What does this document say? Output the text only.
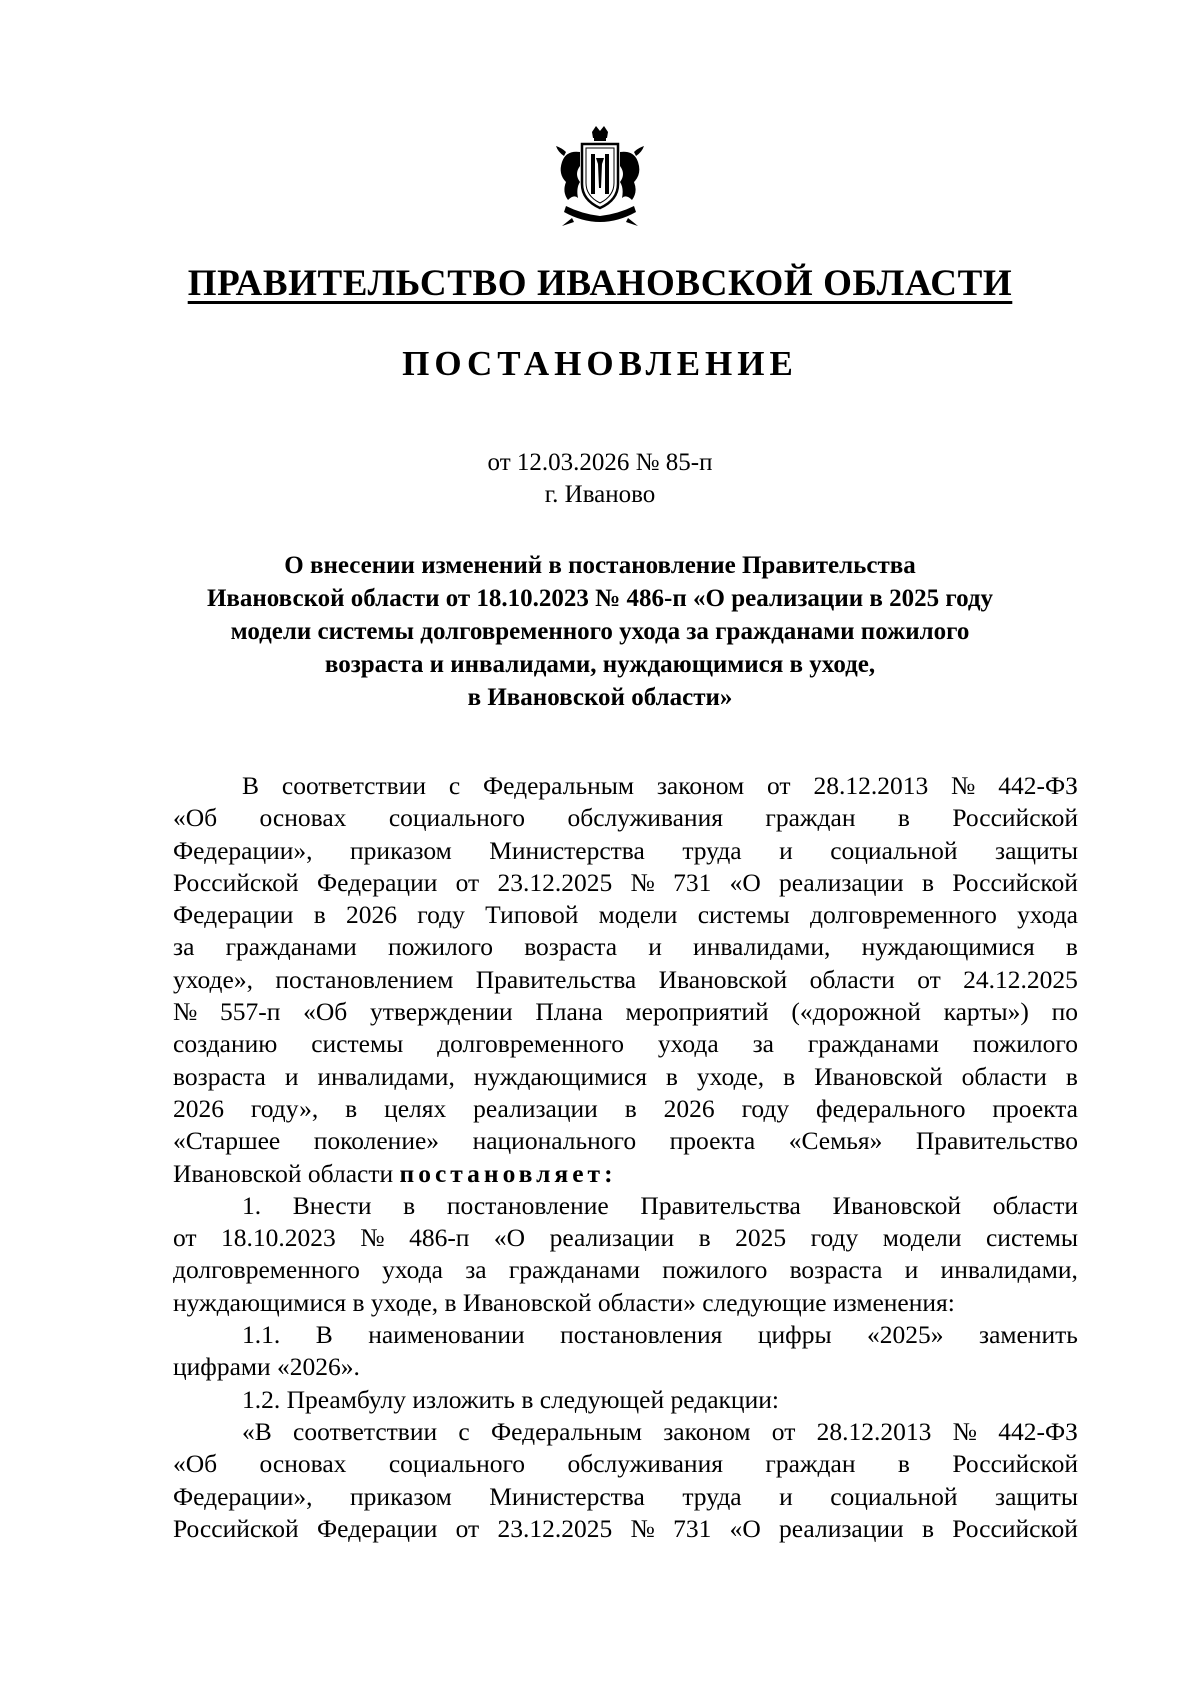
ПРАВИТЕЛЬСТВО ИВАНОВСКОЙ ОБЛАСТИ
ПОСТАНОВЛЕНИЕ
от 12.03.2026 № 85-п
г. Иваново
О внесении изменений в постановление Правительства
Ивановской области от 18.10.2023 № 486-п «О реализации в 2025 году
модели системы долговременного ухода за гражданами пожилого
возраста и инвалидами, нуждающимися в уходе,
в Ивановской области»
В соответствии с Федеральным законом от 28.12.2013 № 442-ФЗ
«Об основах социального обслуживания граждан в Российской
Федерации», приказом Министерства труда и социальной защиты
Российской Федерации от 23.12.2025 № 731 «О реализации в Российской
Федерации в 2026 году Типовой модели системы долговременного ухода
за гражданами пожилого возраста и инвалидами, нуждающимися в
уходе», постановлением Правительства Ивановской области от 24.12.2025
№ 557-п «Об утверждении Плана мероприятий («дорожной карты») по
созданию системы долговременного ухода за гражданами пожилого
возраста и инвалидами, нуждающимися в уходе, в Ивановской области в
2026 году», в целях реализации в 2026 году федерального проекта
«Старшее поколение» национального проекта «Семья» Правительство
Ивановской области постановляет:
1. Внести в постановление Правительства Ивановской области
от 18.10.2023 № 486-п «О реализации в 2025 году модели системы
долговременного ухода за гражданами пожилого возраста и инвалидами,
нуждающимися в уходе, в Ивановской области» следующие изменения:
1.1. В наименовании постановления цифры «2025» заменить
цифрами «2026».
1.2. Преамбулу изложить в следующей редакции:
«В соответствии с Федеральным законом от 28.12.2013 № 442-ФЗ
«Об основах социального обслуживания граждан в Российской
Федерации», приказом Министерства труда и социальной защиты
Российской Федерации от 23.12.2025 № 731 «О реализации в Российской
